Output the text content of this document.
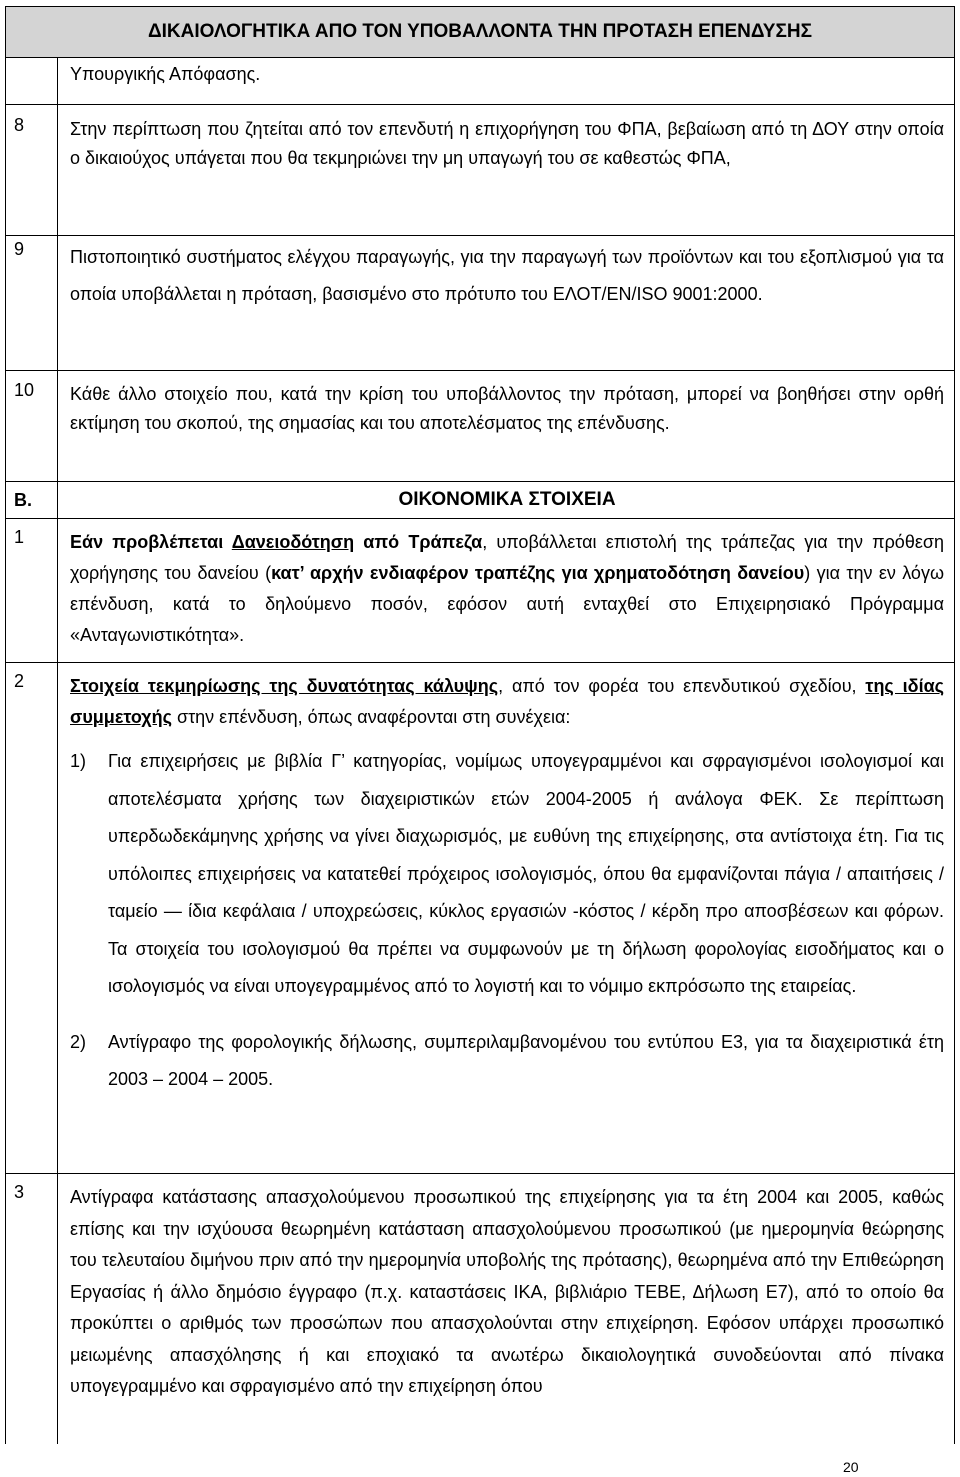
ΔΙΚΑΙΟΛΟΓΗΤΙΚΑ ΑΠΟ ΤΟΝ ΥΠΟΒΑΛΛΟΝΤΑ ΤΗΝ ΠΡΟΤΑΣΗ ΕΠΕΝΔΥΣΗΣ
Υπουργικής Απόφασης.
8	Στην περίπτωση που ζητείται από τον επενδυτή η επιχορήγηση του ΦΠΑ, βεβαίωση από τη ΔΟΥ στην οποία ο δικαιούχος υπάγεται που θα τεκμηριώνει την μη υπαγωγή του σε καθεστώς ΦΠΑ,

9	Πιστοποιητικό συστήματος ελέγχου παραγωγής, για την παραγωγή των προϊόντων και του εξοπλισμού για τα οποία υποβάλλεται η πρόταση, βασισμένο στο πρότυπο του ΕΛΟΤ/EN/ISO 9001:2000.

10	Κάθε άλλο στοιχείο που, κατά την κρίση του υποβάλλοντος την πρόταση, μπορεί να βοηθήσει στην ορθή εκτίμηση του σκοπού, της σημασίας και του αποτελέσματος της επένδυσης.

Β.	ΟΙΚΟΝΟΜΙΚΑ ΣΤΟΙΧΕΙΑ
1	Εάν προβλέπεται Δανειοδότηση από Τράπεζα, υποβάλλεται επιστολή της τράπεζας για την πρόθεση χορήγησης του δανείου (κατ’ αρχήν ενδιαφέρον τραπέζης για χρηματοδότηση δανείου) για την εν λόγω επένδυση, κατά το δηλούμενο ποσόν, εφόσον αυτή ενταχθεί στο Επιχειρησιακό Πρόγραμμα «Ανταγωνιστικότητα».

2	Στοιχεία τεκμηρίωσης της δυνατότητας κάλυψης, από τον φορέα του επενδυτικού σχεδίου, της ιδίας συμμετοχής στην επένδυση, όπως αναφέρονται στη συνέχεια:

1)	Για επιχειρήσεις με βιβλία Γ’ κατηγορίας, νομίμως υπογεγραμμένοι και σφραγισμένοι ισολογισμοί και αποτελέσματα χρήσης των διαχειριστικών ετών 2004-2005 ή ανάλογα ΦΕΚ. Σε περίπτωση υπερδωδεκάμηνης χρήσης να γίνει διαχωρισμός, με ευθύνη της επιχείρησης, στα αντίστοιχα έτη. Για τις υπόλοιπες επιχειρήσεις να κατατεθεί πρόχειρος ισολογισμός, όπου θα εμφανίζονται πάγια / απαιτήσεις / ταμείο — ίδια κεφάλαια / υποχρεώσεις, κύκλος εργασιών -κόστος / κέρδη προ αποσβέσεων και φόρων. Τα στοιχεία του ισολογισμού θα πρέπει να συμφωνούν με τη δήλωση φορολογίας εισοδήματος και ο ισολογισμός να είναι υπογεγραμμένος από το λογιστή και το νόμιμο εκπρόσωπο της εταιρείας.
2)	Αντίγραφο της φορολογικής δήλωσης, συμπεριλαμβανομένου του εντύπου Ε3, για τα διαχειριστικά έτη 2003 – 2004 – 2005.
3	Αντίγραφα κατάστασης απασχολούμενου προσωπικού της επιχείρησης για τα έτη 2004 και 2005, καθώς επίσης και την ισχύουσα θεωρημένη κατάσταση απασχολούμενου προσωπικού (με ημερομηνία θεώρησης του τελευταίου διμήνου πριν από την ημερομηνία υποβολής της πρότασης), θεωρημένα από την Επιθεώρηση Εργασίας ή άλλο δημόσιο έγγραφο (π.χ. καταστάσεις ΙΚΑ, βιβλιάριο ΤΕΒΕ, Δήλωση Ε7), από το οποίο θα προκύπτει ο αριθμός των προσώπων που απασχολούνται στην επιχείρηση. Εφόσον υπάρχει προσωπικό μειωμένης απασχόλησης ή και εποχιακό τα ανωτέρω δικαιολογητικά συνοδεύονται από πίνακα υπογεγραμμένο και σφραγισμένο από την επιχείρηση όπου

20
